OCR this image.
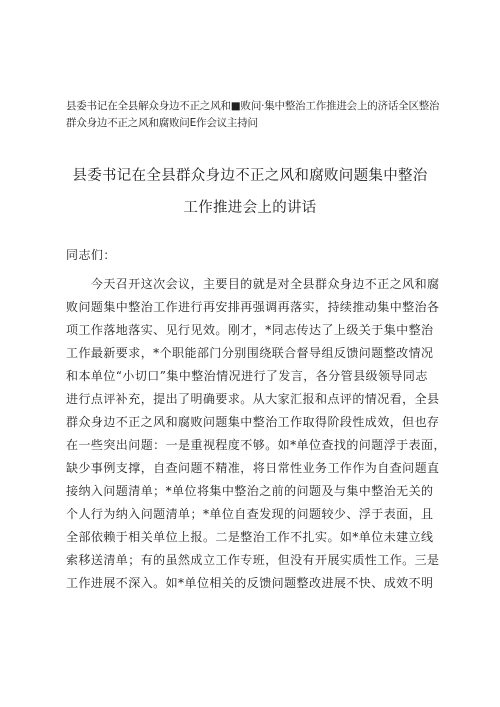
县委书记在全县解众身边不正之风和■败问·集中整治工作推进会上的济话全区整治
群众身边不正之风和腐败问E作会议主持问
县委书记在全县群众身边不正之风和腐败问题集中整治
工作推进会上的讲话
同志们：
　　今天召开这次会议，主要目的就是对全县群众身边不正之风和腐
败问题集中整治工作进行再安排再强调再落实，持续推动集中整治各
项工作落地落实、见行见效。刚才，*同志传达了上级关于集中整治
工作最新要求，*个职能部门分别围绕联合督导组反馈问题整改情况
和本单位“小切口”集中整治情况进行了发言，各分管县级领导同志
进行点评补充，提出了明确要求。从大家汇报和点评的情况看，全县
群众身边不正之风和腐败问题集中整治工作取得阶段性成效，但也存
在一些突出问题：一是重视程度不够。如*单位查找的问题浮于表面，
缺少事例支撑，自查问题不精准，将日常性业务工作作为自查问题直
接纳入问题清单；*单位将集中整治之前的问题及与集中整治无关的
个人行为纳入问题清单；*单位自查发现的问题较少、浮于表面，且
全部依赖于相关单位上报。二是整治工作不扎实。如*单位未建立线
索移送清单；有的虽然成立工作专班，但没有开展实质性工作。三是
工作进展不深入。如*单位相关的反馈问题整改进展不快、成效不明
